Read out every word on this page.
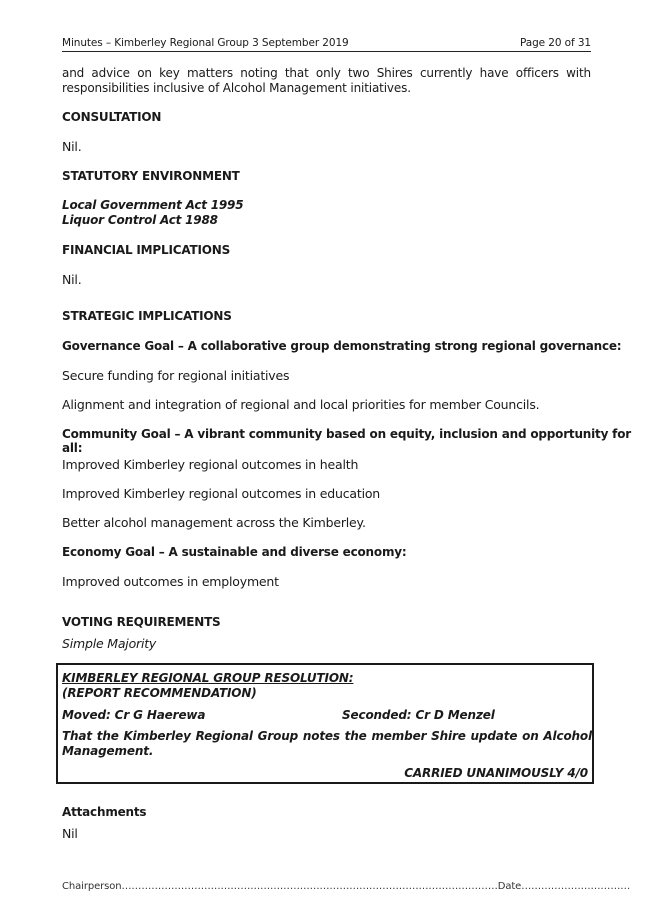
Minutes – Kimberley Regional Group 3 September 2019	Page 20 of 31
and advice on key matters noting that only two Shires currently have officers with responsibilities inclusive of Alcohol Management initiatives.
CONSULTATION
Nil.
STATUTORY ENVIRONMENT
Local Government Act 1995
Liquor Control Act 1988
FINANCIAL IMPLICATIONS
Nil.
STRATEGIC IMPLICATIONS
Governance Goal – A collaborative group demonstrating strong regional governance:
Secure funding for regional initiatives
Alignment and integration of regional and local priorities for member Councils.
Community Goal – A vibrant community based on equity, inclusion and opportunity for all:
Improved Kimberley regional outcomes in health
Improved Kimberley regional outcomes in education
Better alcohol management across the Kimberley.
Economy Goal – A sustainable and diverse economy:
Improved outcomes in employment
VOTING REQUIREMENTS
Simple Majority
KIMBERLEY REGIONAL GROUP RESOLUTION:
(REPORT RECOMMENDATION)
Moved: Cr G Haerewa	Seconded: Cr D Menzel
That the Kimberley Regional Group notes the member Shire update on Alcohol Management.
CARRIED UNANIMOUSLY 4/0
Attachments
Nil
Chairperson……………………………………………………………………………………………………Date……………………………
